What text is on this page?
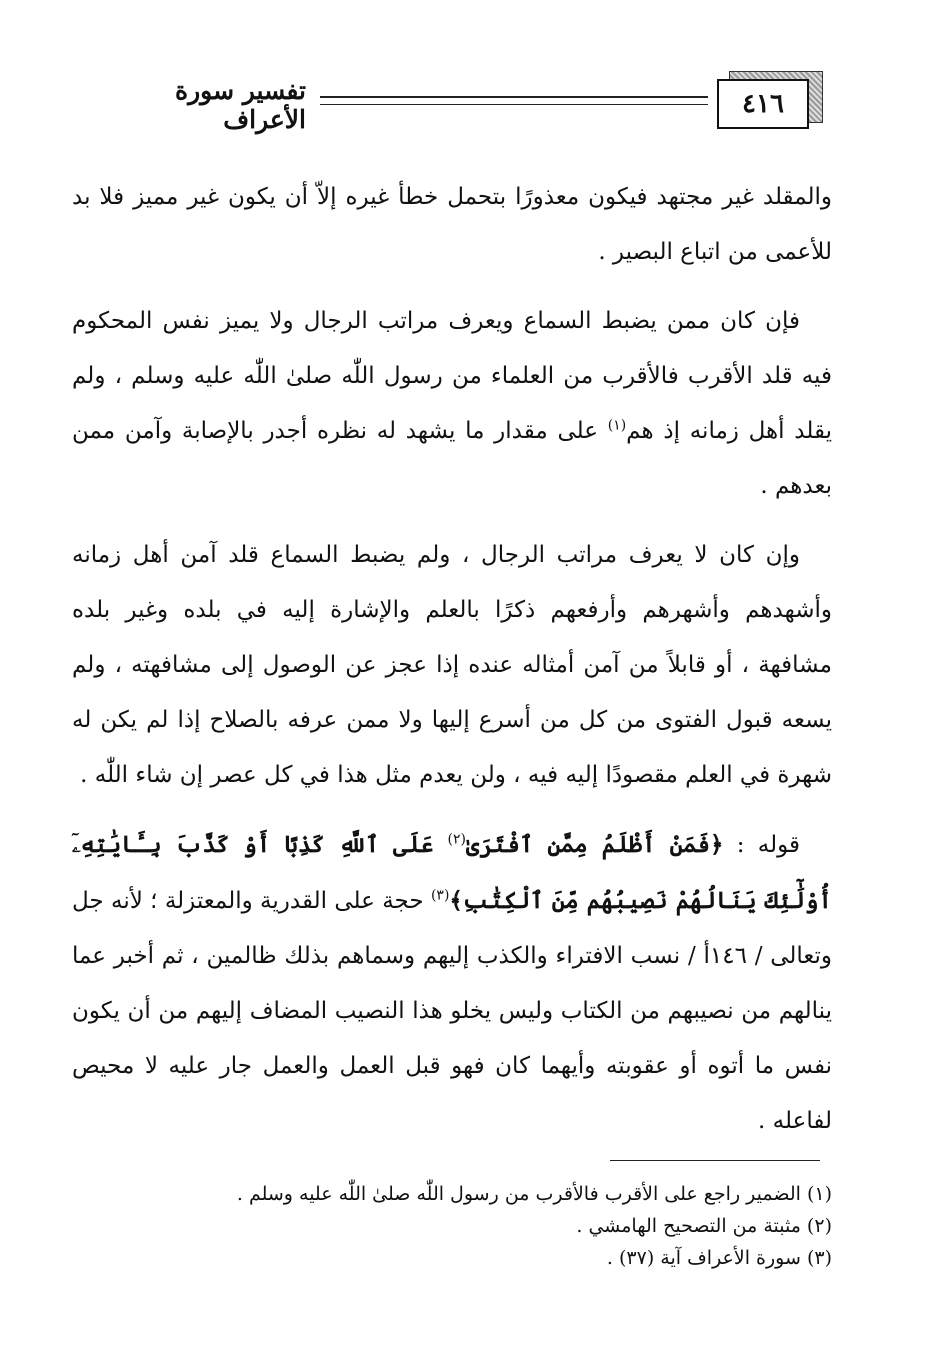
٤١٦
تفسير سورة الأعراف

والمقلد غير مجتهد فيكون معذورًا بتحمل خطأ غيره إلاّ أن يكون غير مميز فلا بد للأعمى من اتباع البصير .

فإن كان ممن يضبط السماع ويعرف مراتب الرجال ولا يميز نفس المحكوم فيه قلد الأقرب فالأقرب من العلماء من رسول اللّٰه صلىٰ اللّٰه عليه وسلم ، ولم يقلد أهل زمانه إذ هم$^{(١)}$ على مقدار ما يشهد له نظره أجدر بالإصابة وآمن ممن بعدهم .

وإن كان لا يعرف مراتب الرجال ، ولم يضبط السماع قلد آمن أهل زمانه وأشهدهم وأشهرهم وأرفعهم ذكرًا بالعلم والإشارة إليه في بلده وغير بلده مشافهة ، أو قابلاً من آمن أمثاله عنده إذا عجز عن الوصول إلى مشافهته ، ولم يسعه قبول الفتوى من كل من أسرع إليها ولا ممن عرفه بالصلاح إذا لم يكن له شهرة في العلم مقصودًا إليه فيه ، ولن يعدم مثل هذا في كل عصر إن شاء اللّٰه .

قوله : ﴿فَمَنْ أَظْلَمُ مِمَّنِ ٱفْتَرَىٰ$^{(٢)}$ عَلَى ٱللَّهِ كَذِبًا أَوْ كَذَّبَ بِـَٔايَٰتِهِۦٓ أُوْلَٰٓئِكَ يَنَالُهُمْ نَصِيبُهُم مِّنَ ٱلْكِتَٰبِ﴾$^{(٣)}$ حجة على القدرية والمعتزلة ؛ لأنه جل وتعالى / ١٤٦أ / نسب الافتراء والكذب إليهم وسماهم بذلك ظالمين ، ثم أخبر عما ينالهم من نصيبهم من الكتاب وليس يخلو هذا النصيب المضاف إليهم من أن يكون نفس ما أتوه أو عقوبته وأيهما كان فهو قبل العمل والعمل جار عليه لا محيص لفاعله .

(١) الضمير راجع على الأقرب فالأقرب من رسول اللّٰه صلىٰ اللّٰه عليه وسلم .
(٢) مثبتة من التصحيح الهامشي .
(٣) سورة الأعراف آية (٣٧) .
